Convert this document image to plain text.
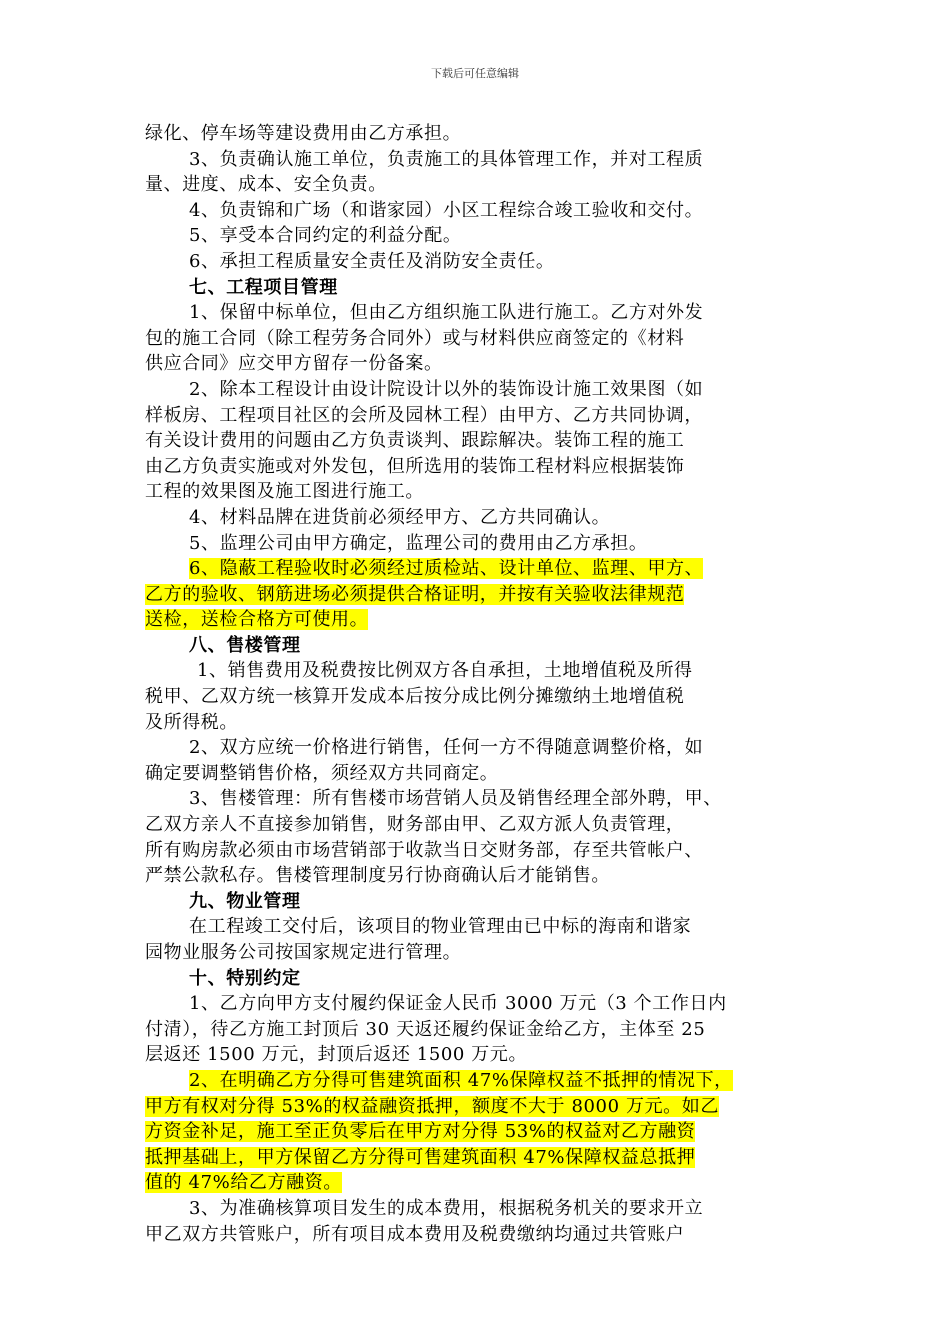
下载后可任意编辑
绿化、停车场等建设费用由乙方承担。
3、负责确认施工单位，负责施工的具体管理工作，并对工程质
量、进度、成本、安全负责。
4、负责锦和广场（和谐家园）小区工程综合竣工验收和交付。
5、享受本合同约定的利益分配。
6、承担工程质量安全责任及消防安全责任。
七、工程项目管理
1、保留中标单位，但由乙方组织施工队进行施工。乙方对外发
包的施工合同（除工程劳务合同外）或与材料供应商签定的《材料
供应合同》应交甲方留存一份备案。
2、除本工程设计由设计院设计以外的装饰设计施工效果图（如
样板房、工程项目社区的会所及园林工程）由甲方、乙方共同协调，
有关设计费用的问题由乙方负责谈判、跟踪解决。装饰工程的施工
由乙方负责实施或对外发包，但所选用的装饰工程材料应根据装饰
工程的效果图及施工图进行施工。
4、材料品牌在进货前必须经甲方、乙方共同确认。
5、监理公司由甲方确定，监理公司的费用由乙方承担。
6、隐蔽工程验收时必须经过质检站、设计单位、监理、甲方、
乙方的验收、钢筋进场必须提供合格证明，并按有关验收法律规范
送检，送检合格方可使用。
八、售楼管理
1、销售费用及税费按比例双方各自承担，土地增值税及所得
税甲、乙双方统一核算开发成本后按分成比例分摊缴纳土地增值税
及所得税。
2、双方应统一价格进行销售，任何一方不得随意调整价格，如
确定要调整销售价格，须经双方共同商定。
3、售楼管理：所有售楼市场营销人员及销售经理全部外聘，甲、
乙双方亲人不直接参加销售，财务部由甲、乙双方派人负责管理，
所有购房款必须由市场营销部于收款当日交财务部，存至共管帐户、
严禁公款私存。售楼管理制度另行协商确认后才能销售。
九、物业管理
在工程竣工交付后，该项目的物业管理由已中标的海南和谐家
园物业服务公司按国家规定进行管理。
十、特别约定
1、乙方向甲方支付履约保证金人民币 3000 万元（3 个工作日内
付清），待乙方施工封顶后 30 天返还履约保证金给乙方，主体至 25
层返还 1500 万元，封顶后返还 1500 万元。
2、在明确乙方分得可售建筑面积 47%保障权益不抵押的情况下，
甲方有权对分得 53%的权益融资抵押，额度不大于 8000 万元。如乙
方资金补足，施工至正负零后在甲方对分得 53%的权益对乙方融资
抵押基础上，甲方保留乙方分得可售建筑面积 47%保障权益总抵押
值的 47%给乙方融资。
3、为准确核算项目发生的成本费用，根据税务机关的要求开立
甲乙双方共管账户，所有项目成本费用及税费缴纳均通过共管账户
